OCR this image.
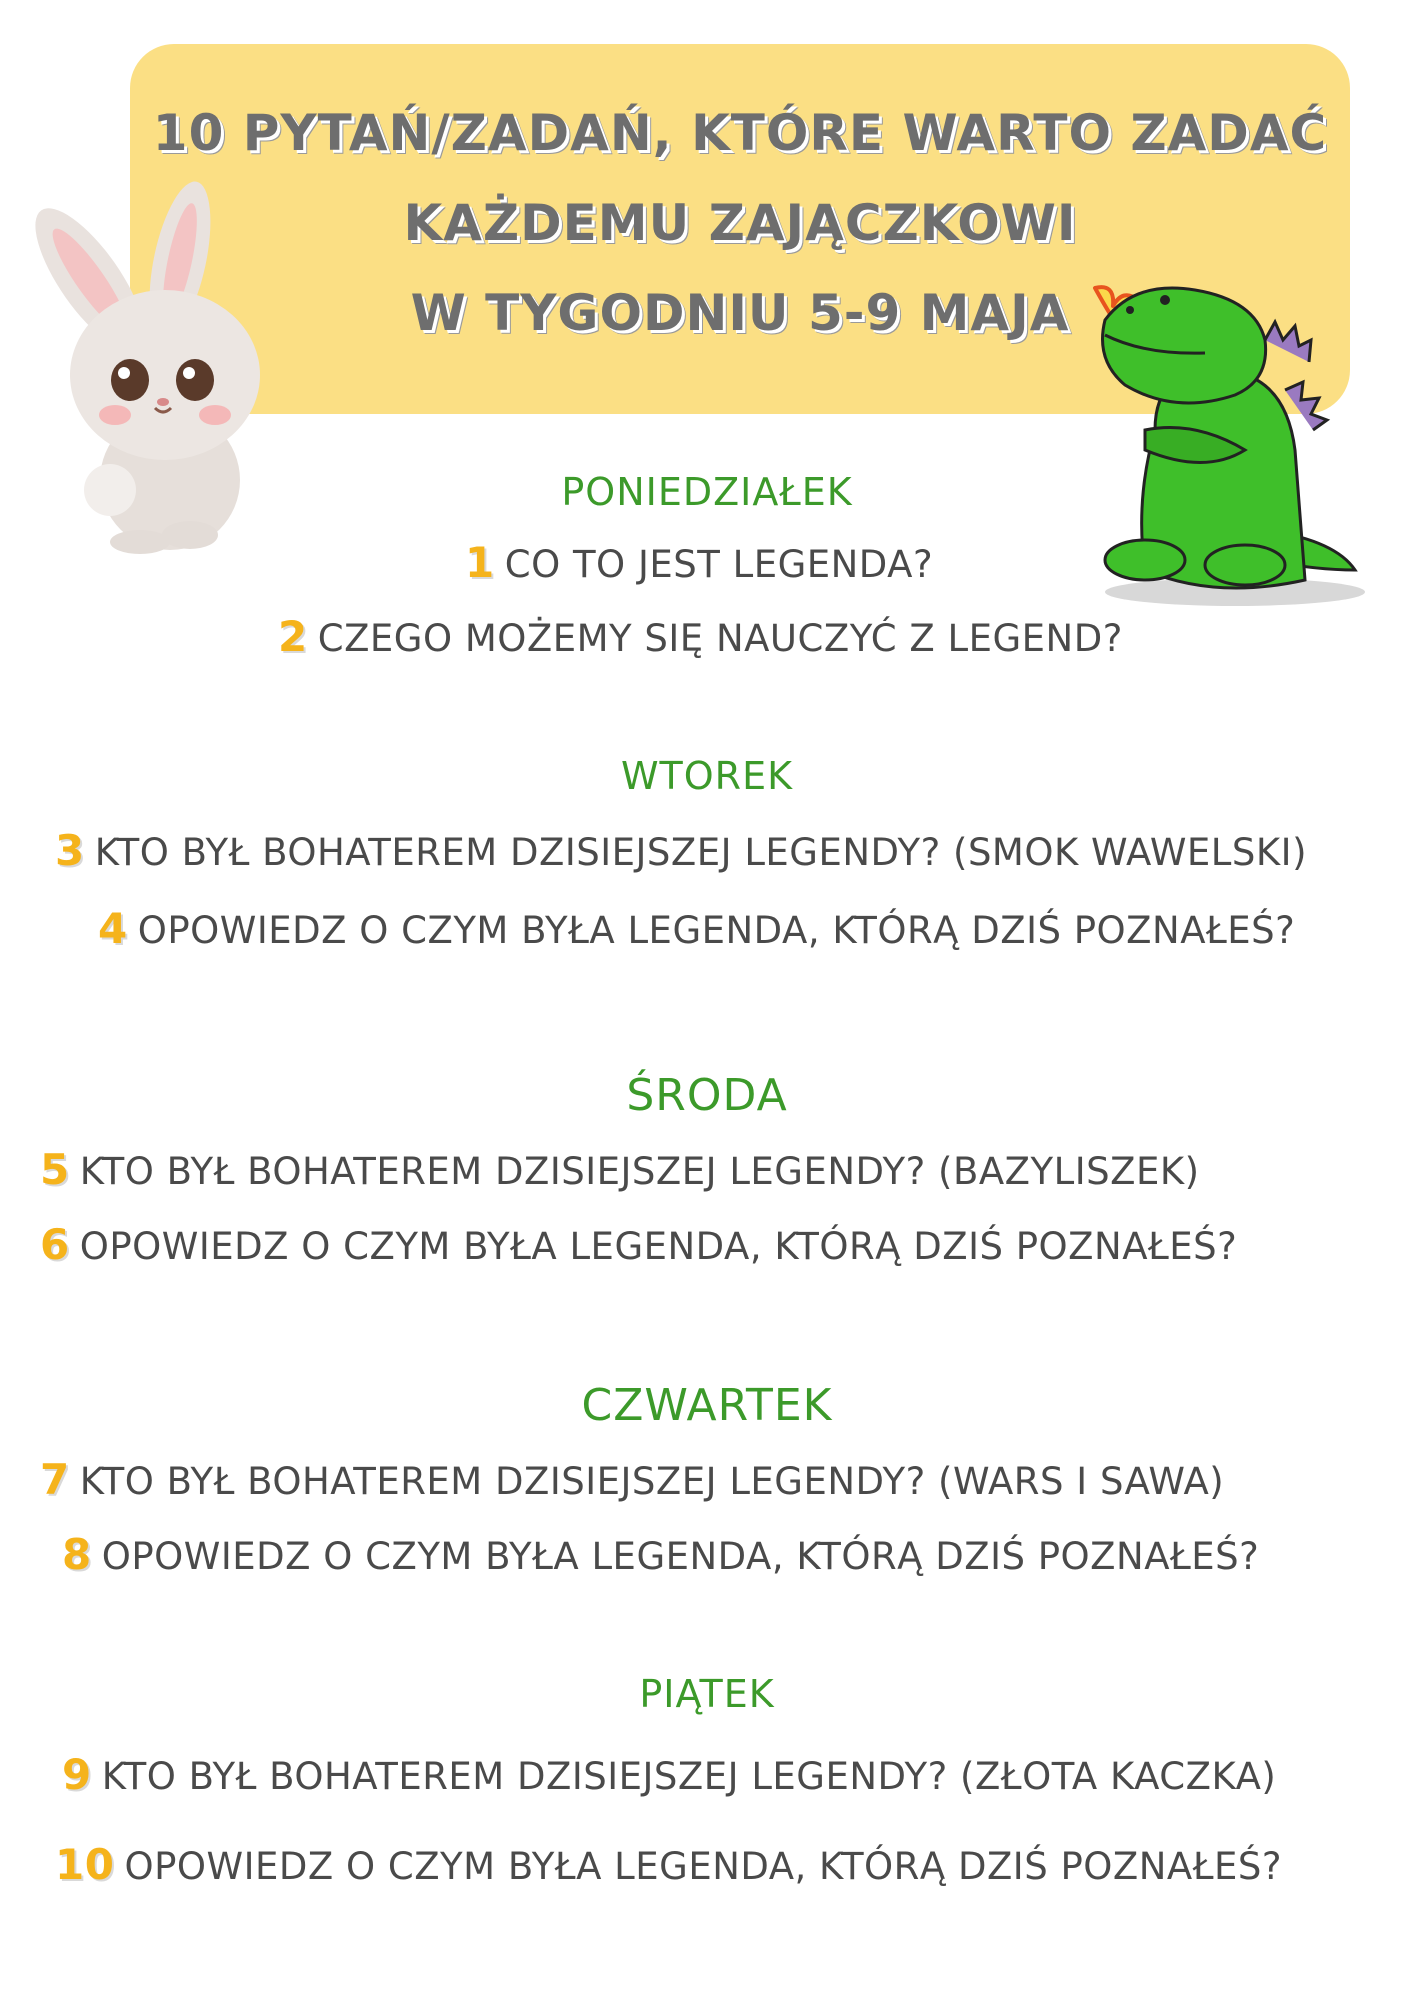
10 PYTAŃ/ZADAŃ, KTÓRE WARTO ZADAĆ
KAŻDEMU ZAJĄCZKOWI
W TYGODNIU 5-9 MAJA
PONIEDZIAŁEK
1 CO TO JEST LEGENDA?
2 CZEGO MOŻEMY SIĘ NAUCZYĆ Z LEGEND?
WTOREK
3 KTO BYŁ BOHATEREM DZISIEJSZEJ LEGENDY? (SMOK WAWELSKI)
4 OPOWIEDZ O CZYM BYŁA LEGENDA, KTÓRĄ DZIŚ POZNAŁEŚ?
ŚRODA
5 KTO BYŁ BOHATEREM DZISIEJSZEJ LEGENDY? (BAZYLISZEK)
6 OPOWIEDZ O CZYM BYŁA LEGENDA, KTÓRĄ DZIŚ POZNAŁEŚ?
CZWARTEK
7 KTO BYŁ BOHATEREM DZISIEJSZEJ LEGENDY? (WARS I SAWA)
8 OPOWIEDZ O CZYM BYŁA LEGENDA, KTÓRĄ DZIŚ POZNAŁEŚ?
PIĄTEK
9 KTO BYŁ BOHATEREM DZISIEJSZEJ LEGENDY? (ZŁOTA KACZKA)
10 OPOWIEDZ O CZYM BYŁA LEGENDA, KTÓRĄ DZIŚ POZNAŁEŚ?
